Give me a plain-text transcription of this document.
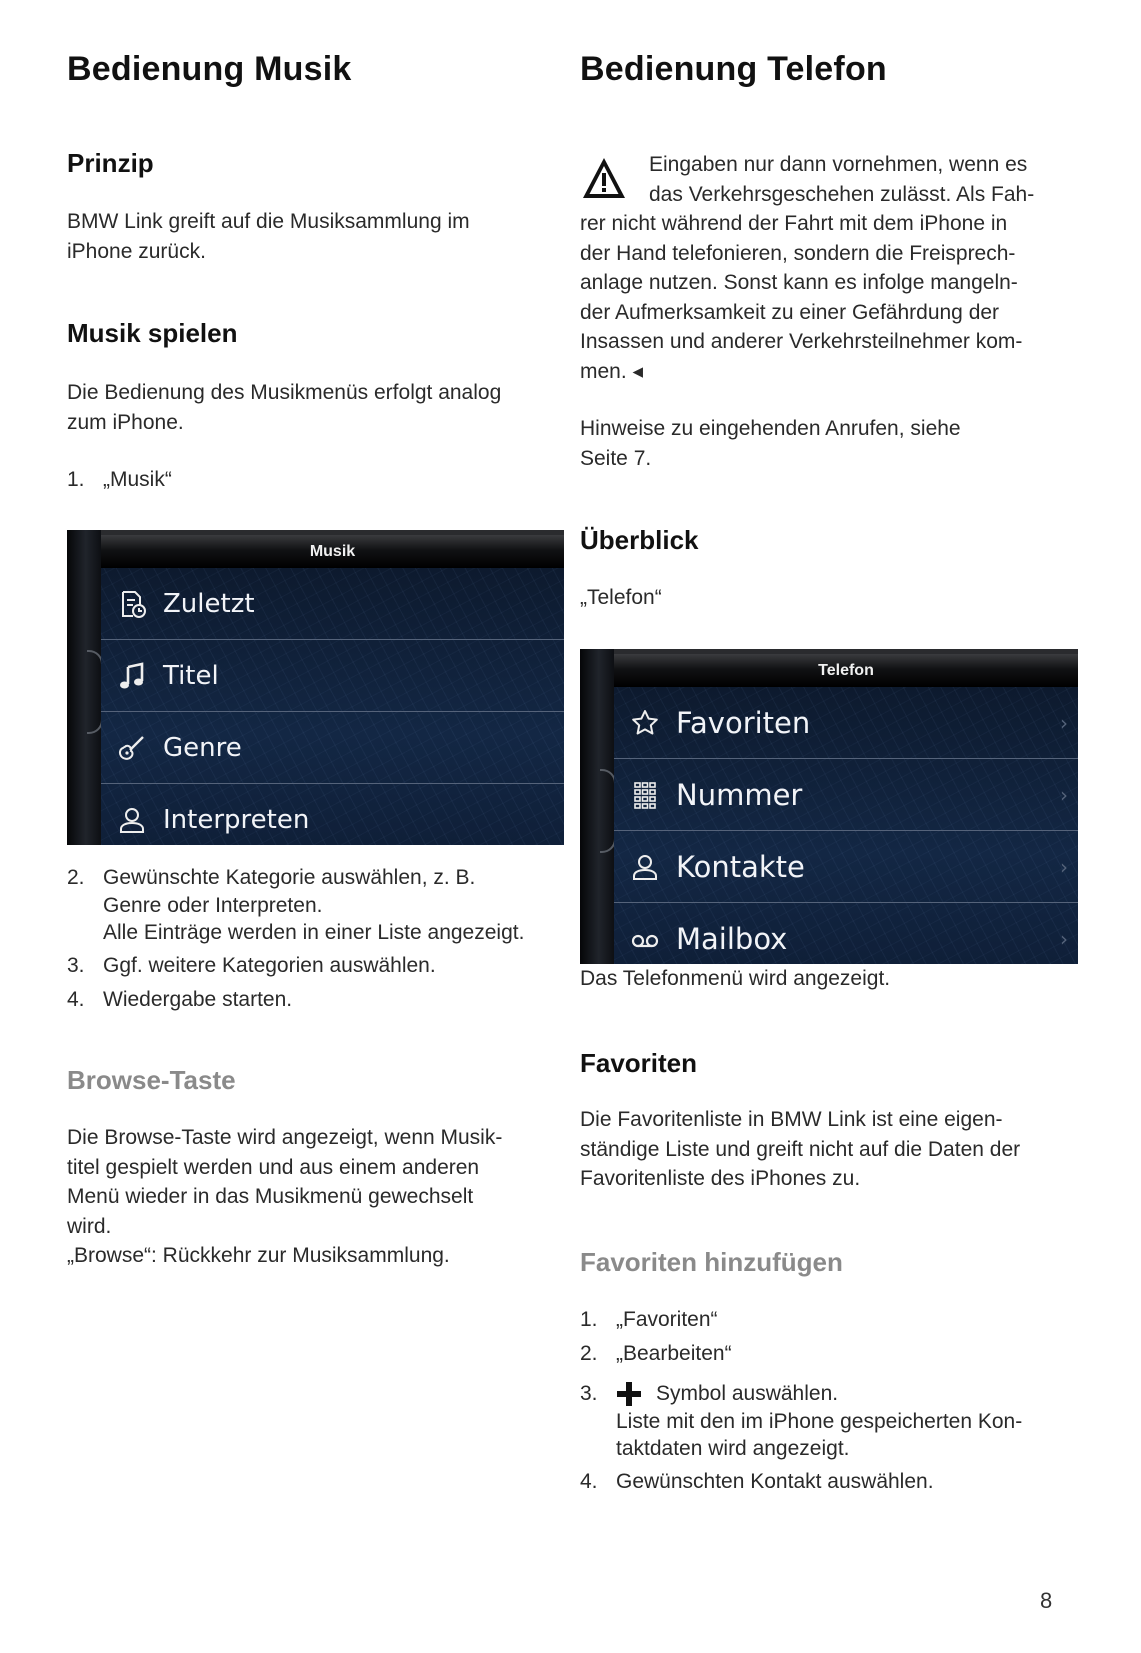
Bedienung Musik
Prinzip
BMW Link greift auf die Musiksammlung im
iPhone zurück.
Musik spielen
Die Bedienung des Musikmenüs erfolgt analog
zum iPhone.
1. „Musik“
Musik
Zuletzt
Titel
Genre
Interpreten
2. Gewünschte Kategorie auswählen, z. B.
Genre oder Interpreten.
Alle Einträge werden in einer Liste angezeigt.
3. Ggf. weitere Kategorien auswählen.
4. Wiedergabe starten.
Browse-Taste
Die Browse-Taste wird angezeigt, wenn Musik-
titel gespielt werden und aus einem anderen
Menü wieder in das Musikmenü gewechselt
wird.
„Browse“: Rückkehr zur Musiksammlung.
Bedienung Telefon
Eingaben nur dann vornehmen, wenn es
das Verkehrsgeschehen zulässt. Als Fah-
rer nicht während der Fahrt mit dem iPhone in
der Hand telefonieren, sondern die Freisprech-
anlage nutzen. Sonst kann es infolge mangeln-
der Aufmerksamkeit zu einer Gefährdung der
Insassen und anderer Verkehrsteilnehmer kom-
men. ◂
Hinweise zu eingehenden Anrufen, siehe
Seite 7.
Überblick
„Telefon“
Telefon
Favoriten	›
Nummer	›
Kontakte	›
Mailbox	›
Das Telefonmenü wird angezeigt.
Favoriten
Die Favoritenliste in BMW Link ist eine eigen-
ständige Liste und greift nicht auf die Daten der
Favoritenliste des iPhones zu.
Favoriten hinzufügen
1. „Favoriten“
2. „Bearbeiten“
3.	Symbol auswählen.
Liste mit den im iPhone gespeicherten Kon-
taktdaten wird angezeigt.
4. Gewünschten Kontakt auswählen.
8
